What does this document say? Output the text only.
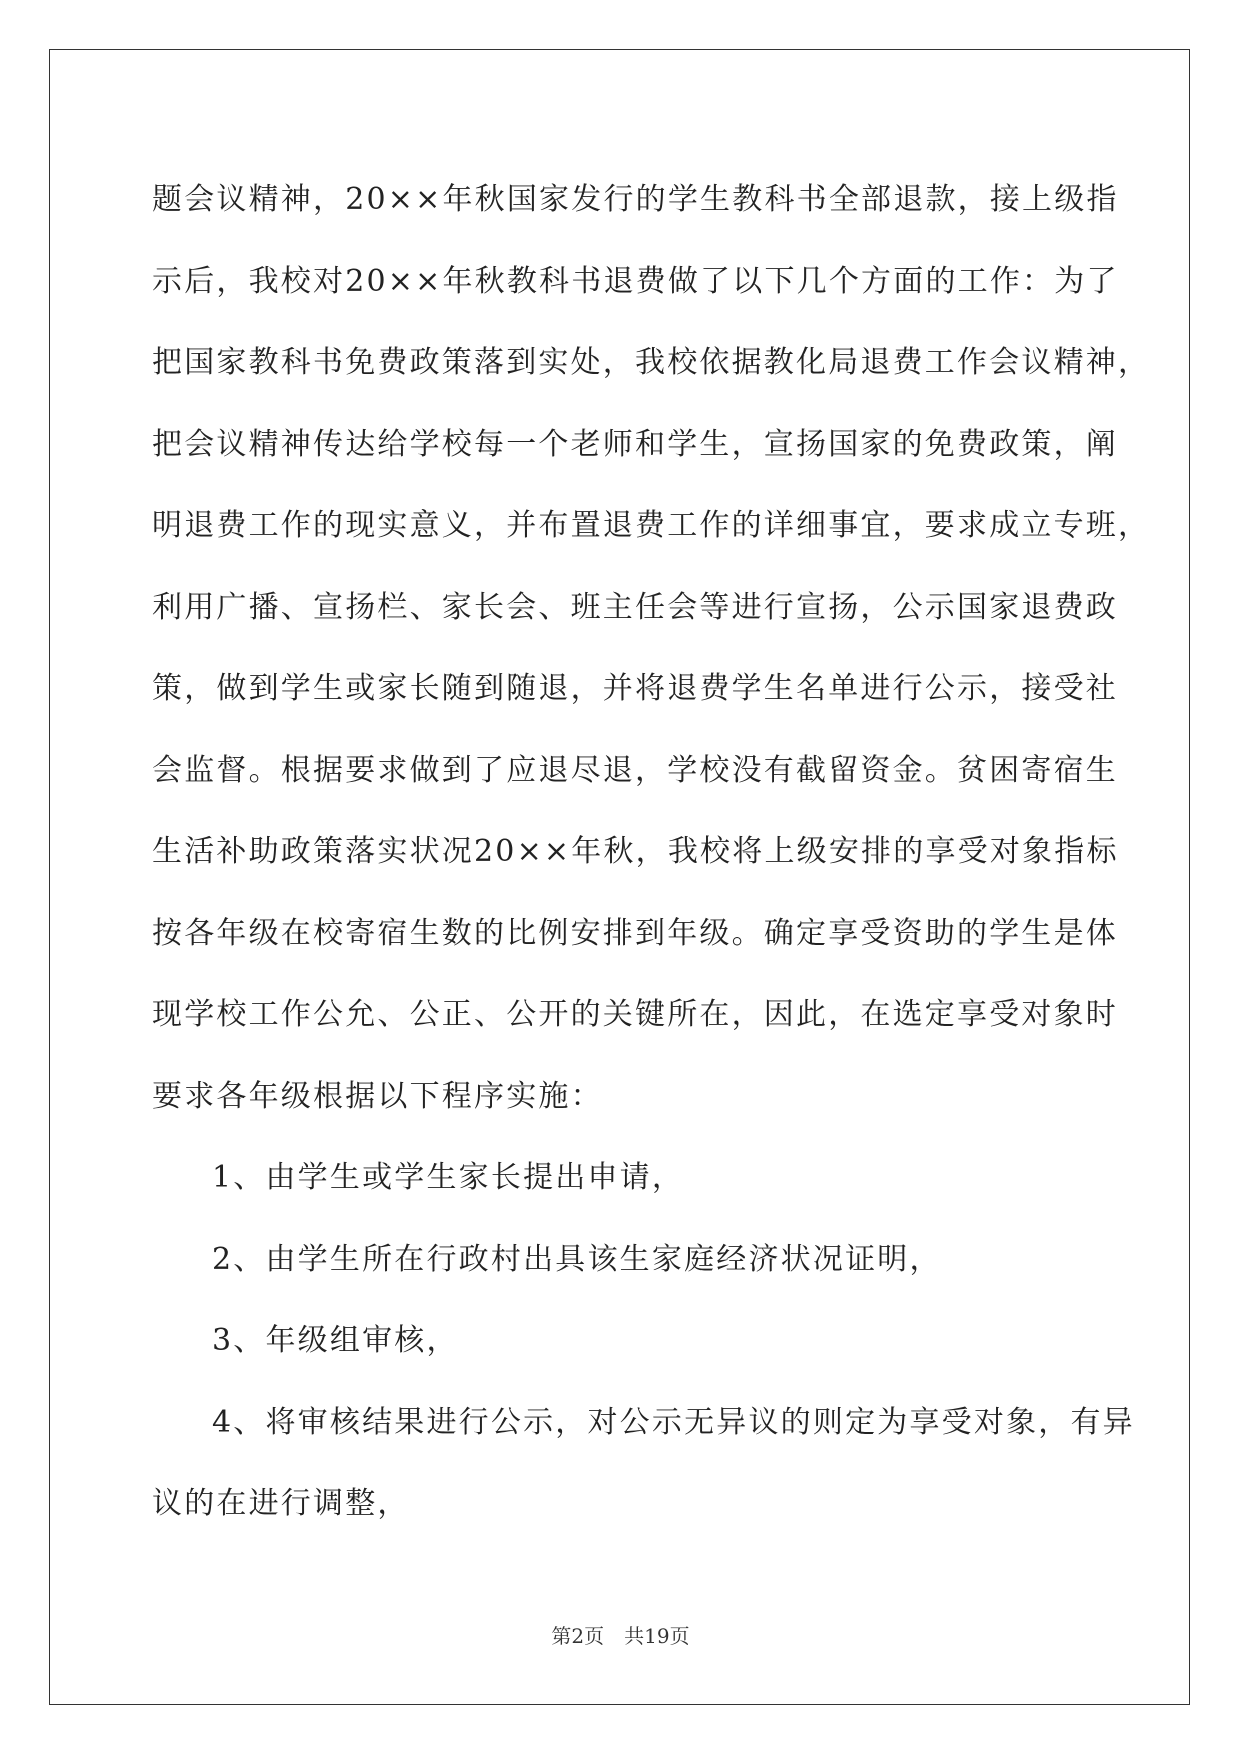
题会议精神，20××年秋国家发行的学生教科书全部退款，接上级指

示后，我校对20××年秋教科书退费做了以下几个方面的工作：为了

把国家教科书免费政策落到实处，我校依据教化局退费工作会议精神，

把会议精神传达给学校每一个老师和学生，宣扬国家的免费政策，阐

明退费工作的现实意义，并布置退费工作的详细事宜，要求成立专班，

利用广播、宣扬栏、家长会、班主任会等进行宣扬，公示国家退费政

策，做到学生或家长随到随退，并将退费学生名单进行公示，接受社

会监督。根据要求做到了应退尽退，学校没有截留资金。贫困寄宿生

生活补助政策落实状况20××年秋，我校将上级安排的享受对象指标

按各年级在校寄宿生数的比例安排到年级。确定享受资助的学生是体

现学校工作公允、公正、公开的关键所在，因此，在选定享受对象时

要求各年级根据以下程序实施：

1、由学生或学生家长提出申请，

2、由学生所在行政村出具该生家庭经济状况证明，

3、年级组审核，

4、将审核结果进行公示，对公示无异议的则定为享受对象，有异

议的在进行调整，

第2页　共19页
